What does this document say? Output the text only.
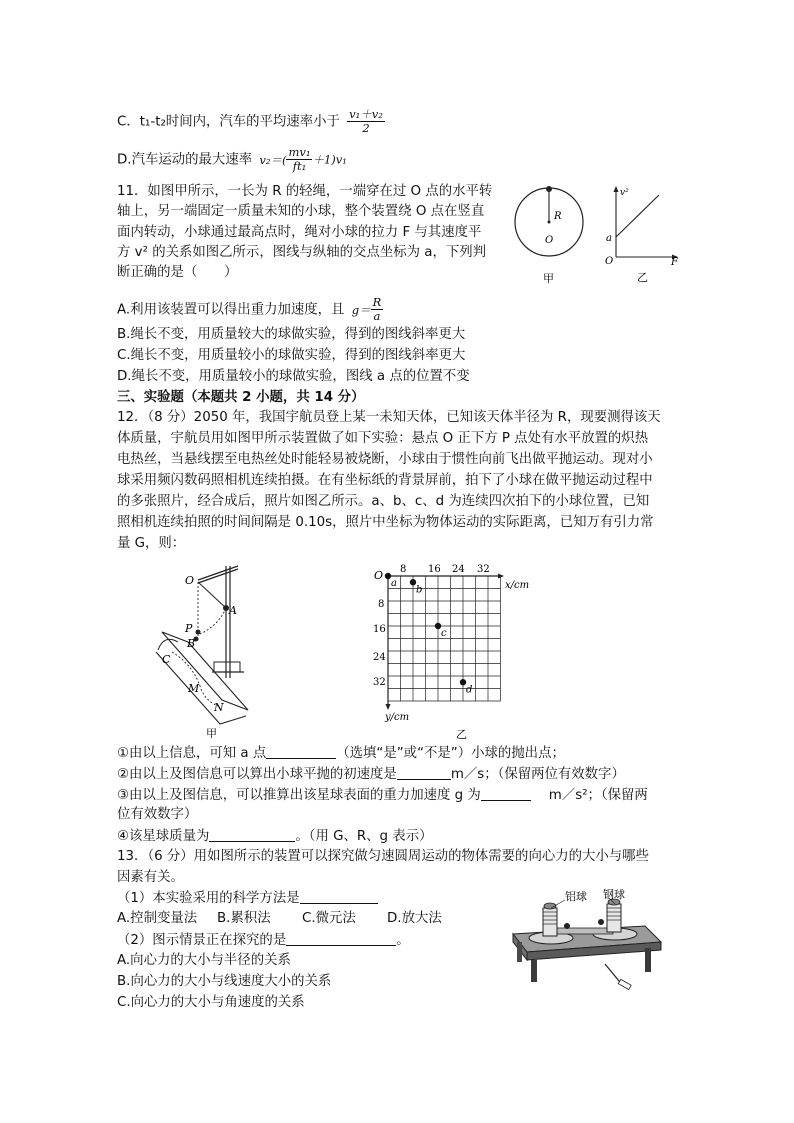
C．t₁-t₂时间内，汽车的平均速率小于 $\frac{\text{v₁＋v₂}}{2}$
D.汽车运动的最大速率 $v_2=( \frac{\text{mv₁}}{\text{ft₁}} +1)v_1$
11．如图甲所示，一长为 R 的轻绳，一端穿在过 O 点的水平转
轴上，另一端固定一质量未知的小球，整个装置绕 O 点在竖直
面内转动，小球通过最高点时，绳对小球的拉力 F 与其速度平
方 v² 的关系如图乙所示，图线与纵轴的交点坐标为 a，下列判
断正确的是（　　）
R
O
甲
v²
a
O	F
乙
A.利用该装置可以得出重力加速度，且 $g= \frac{R}{a}$
B.绳长不变，用质量较大的球做实验，得到的图线斜率更大
C.绳长不变，用质量较小的球做实验，得到的图线斜率更大
D.绳长不变，用质量较小的球做实验，图线 a 点的位置不变
三、实验题（本题共 2 小题，共 14 分）
12．（8 分）2050 年，我国宇航员登上某一未知天体，已知该天体半径为 R，现要测得该天
体质量，宇航员用如图甲所示装置做了如下实验：悬点 O 正下方 P 点处有水平放置的炽热
电热丝，当悬线摆至电热丝处时能轻易被烧断，小球由于惯性向前飞出做平抛运动。现对小
球采用频闪数码照相机连续拍摄。在有坐标纸的背景屏前，拍下了小球在做平抛运动过程中
的多张照片，经合成后，照片如图乙所示。a、b、c、d 为连续四次拍下的小球位置，已知
照相机连续拍照的时间间隔是 0.10s，照片中坐标为物体运动的实际距离，已知万有引力常
量 G，则：
O
A
P
B
C
M
N
甲
O 8 16 24 32
x/cm
8
16
24
32
y/cm
a
b
c
d
乙
①由以上信息，可知 a 点	（选填“是”或“不是”）小球的抛出点；
②由以上及图信息可以算出小球平抛的初速度是	m／s；（保留两位有效数字）
③由以上及图信息，可以推算出该星球表面的重力加速度 g 为	m／s²；（保留两
位有效数字）
④该星球质量为	。（用 G、R、g 表示）
13．（6 分）用如图所示的装置可以探究做匀速圆周运动的物体需要的向心力的大小与哪些
因素有关。
（1）本实验采用的科学方法是
A.控制变量法 B.累积法 C.微元法 D.放大法
（2）图示情景正在探究的是	。
A.向心力的大小与半径的关系
B.向心力的大小与线速度大小的关系
C.向心力的大小与角速度的关系
铝球 钢球
